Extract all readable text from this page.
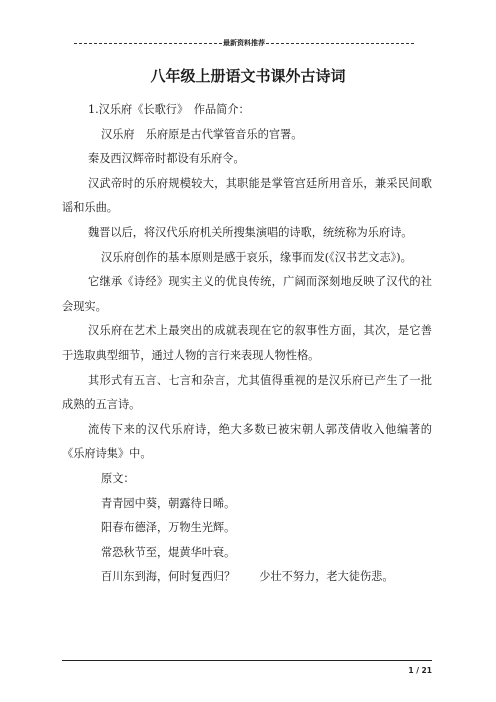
最新资料推荐
八年级上册语文书课外古诗词

1.汉乐府《长歌行》　作品简介：

汉乐府　乐府原是古代掌管音乐的官署。

秦及西汉辉帝时都设有乐府令。

汉武帝时的乐府规模较大，其职能是掌管宫廷所用音乐，兼采民间歌谣和乐曲。

魏晋以后，将汉代乐府机关所搜集演唱的诗歌，统统称为乐府诗。

汉乐府创作的基本原则是感于哀乐，缘事而发(《汉书艺文志》)。

它继承《诗经》现实主义的优良传统，广阔而深刻地反映了汉代的社会现实。

汉乐府在艺术上最突出的成就表现在它的叙事性方面，其次，是它善于选取典型细节，通过人物的言行来表现人物性格。

其形式有五言、七言和杂言，尤其值得重视的是汉乐府已产生了一批成熟的五言诗。

流传下来的汉代乐府诗，绝大多数已被宋朝人郭茂倩收入他编著的《乐府诗集》中。

原文：

青青园中葵，朝露待日晞。

阳春布德泽，万物生光辉。

常恐秋节至，焜黄华叶衰。

百川东到海，何时复西归？ 少壮不努力，老大徒伤悲。

1 / 21
